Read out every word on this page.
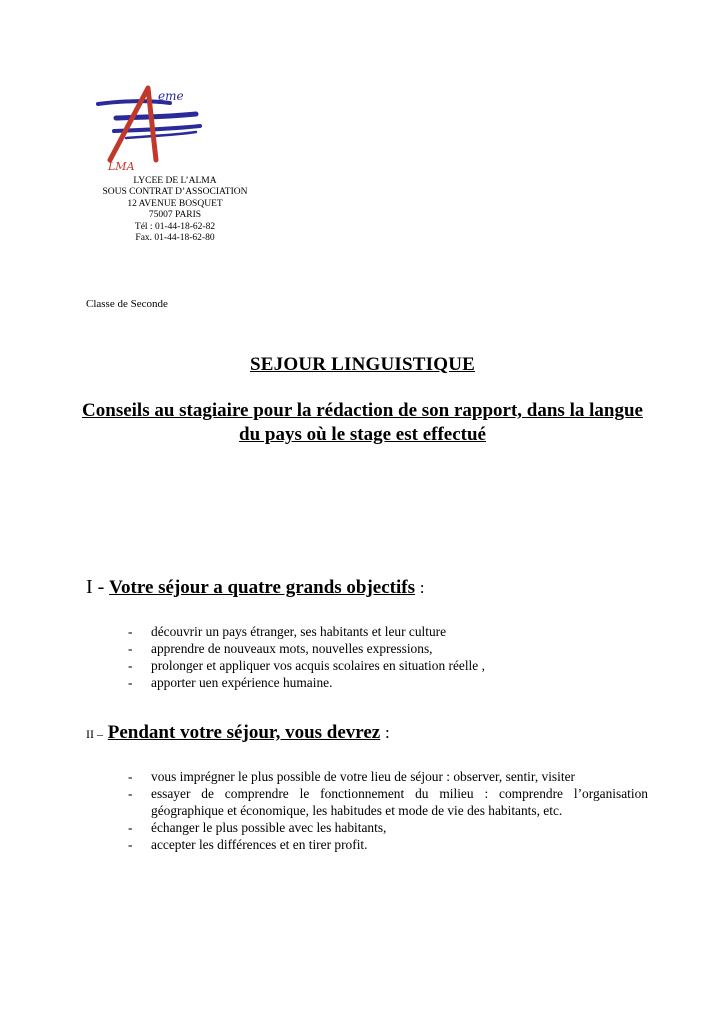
eme
LMA
LYCEE DE L’ALMA
SOUS CONTRAT D’ASSOCIATION
12 AVENUE BOSQUET
75007 PARIS
Tél : 01-44-18-62-82
Fax. 01-44-18-62-80

Classe de Seconde

SEJOUR LINGUISTIQUE
Conseils au stagiaire pour la rédaction de son rapport, dans la langue du pays où le stage est effectué
I - Votre séjour a quatre grands objectifs :
- découvrir un pays étranger, ses habitants et leur culture
- apprendre de nouveaux mots, nouvelles expressions,
- prolonger et appliquer vos acquis scolaires en situation réelle ,
- apporter uen expérience humaine.
II – Pendant votre séjour, vous devrez :
- vous imprégner le plus possible de votre lieu de séjour : observer, sentir, visiter
- essayer de comprendre le fonctionnement du milieu : comprendre l’organisation géographique et économique, les habitudes et mode de vie des habitants, etc.
- échanger le plus possible avec les habitants,
- accepter les différences et en tirer profit.
